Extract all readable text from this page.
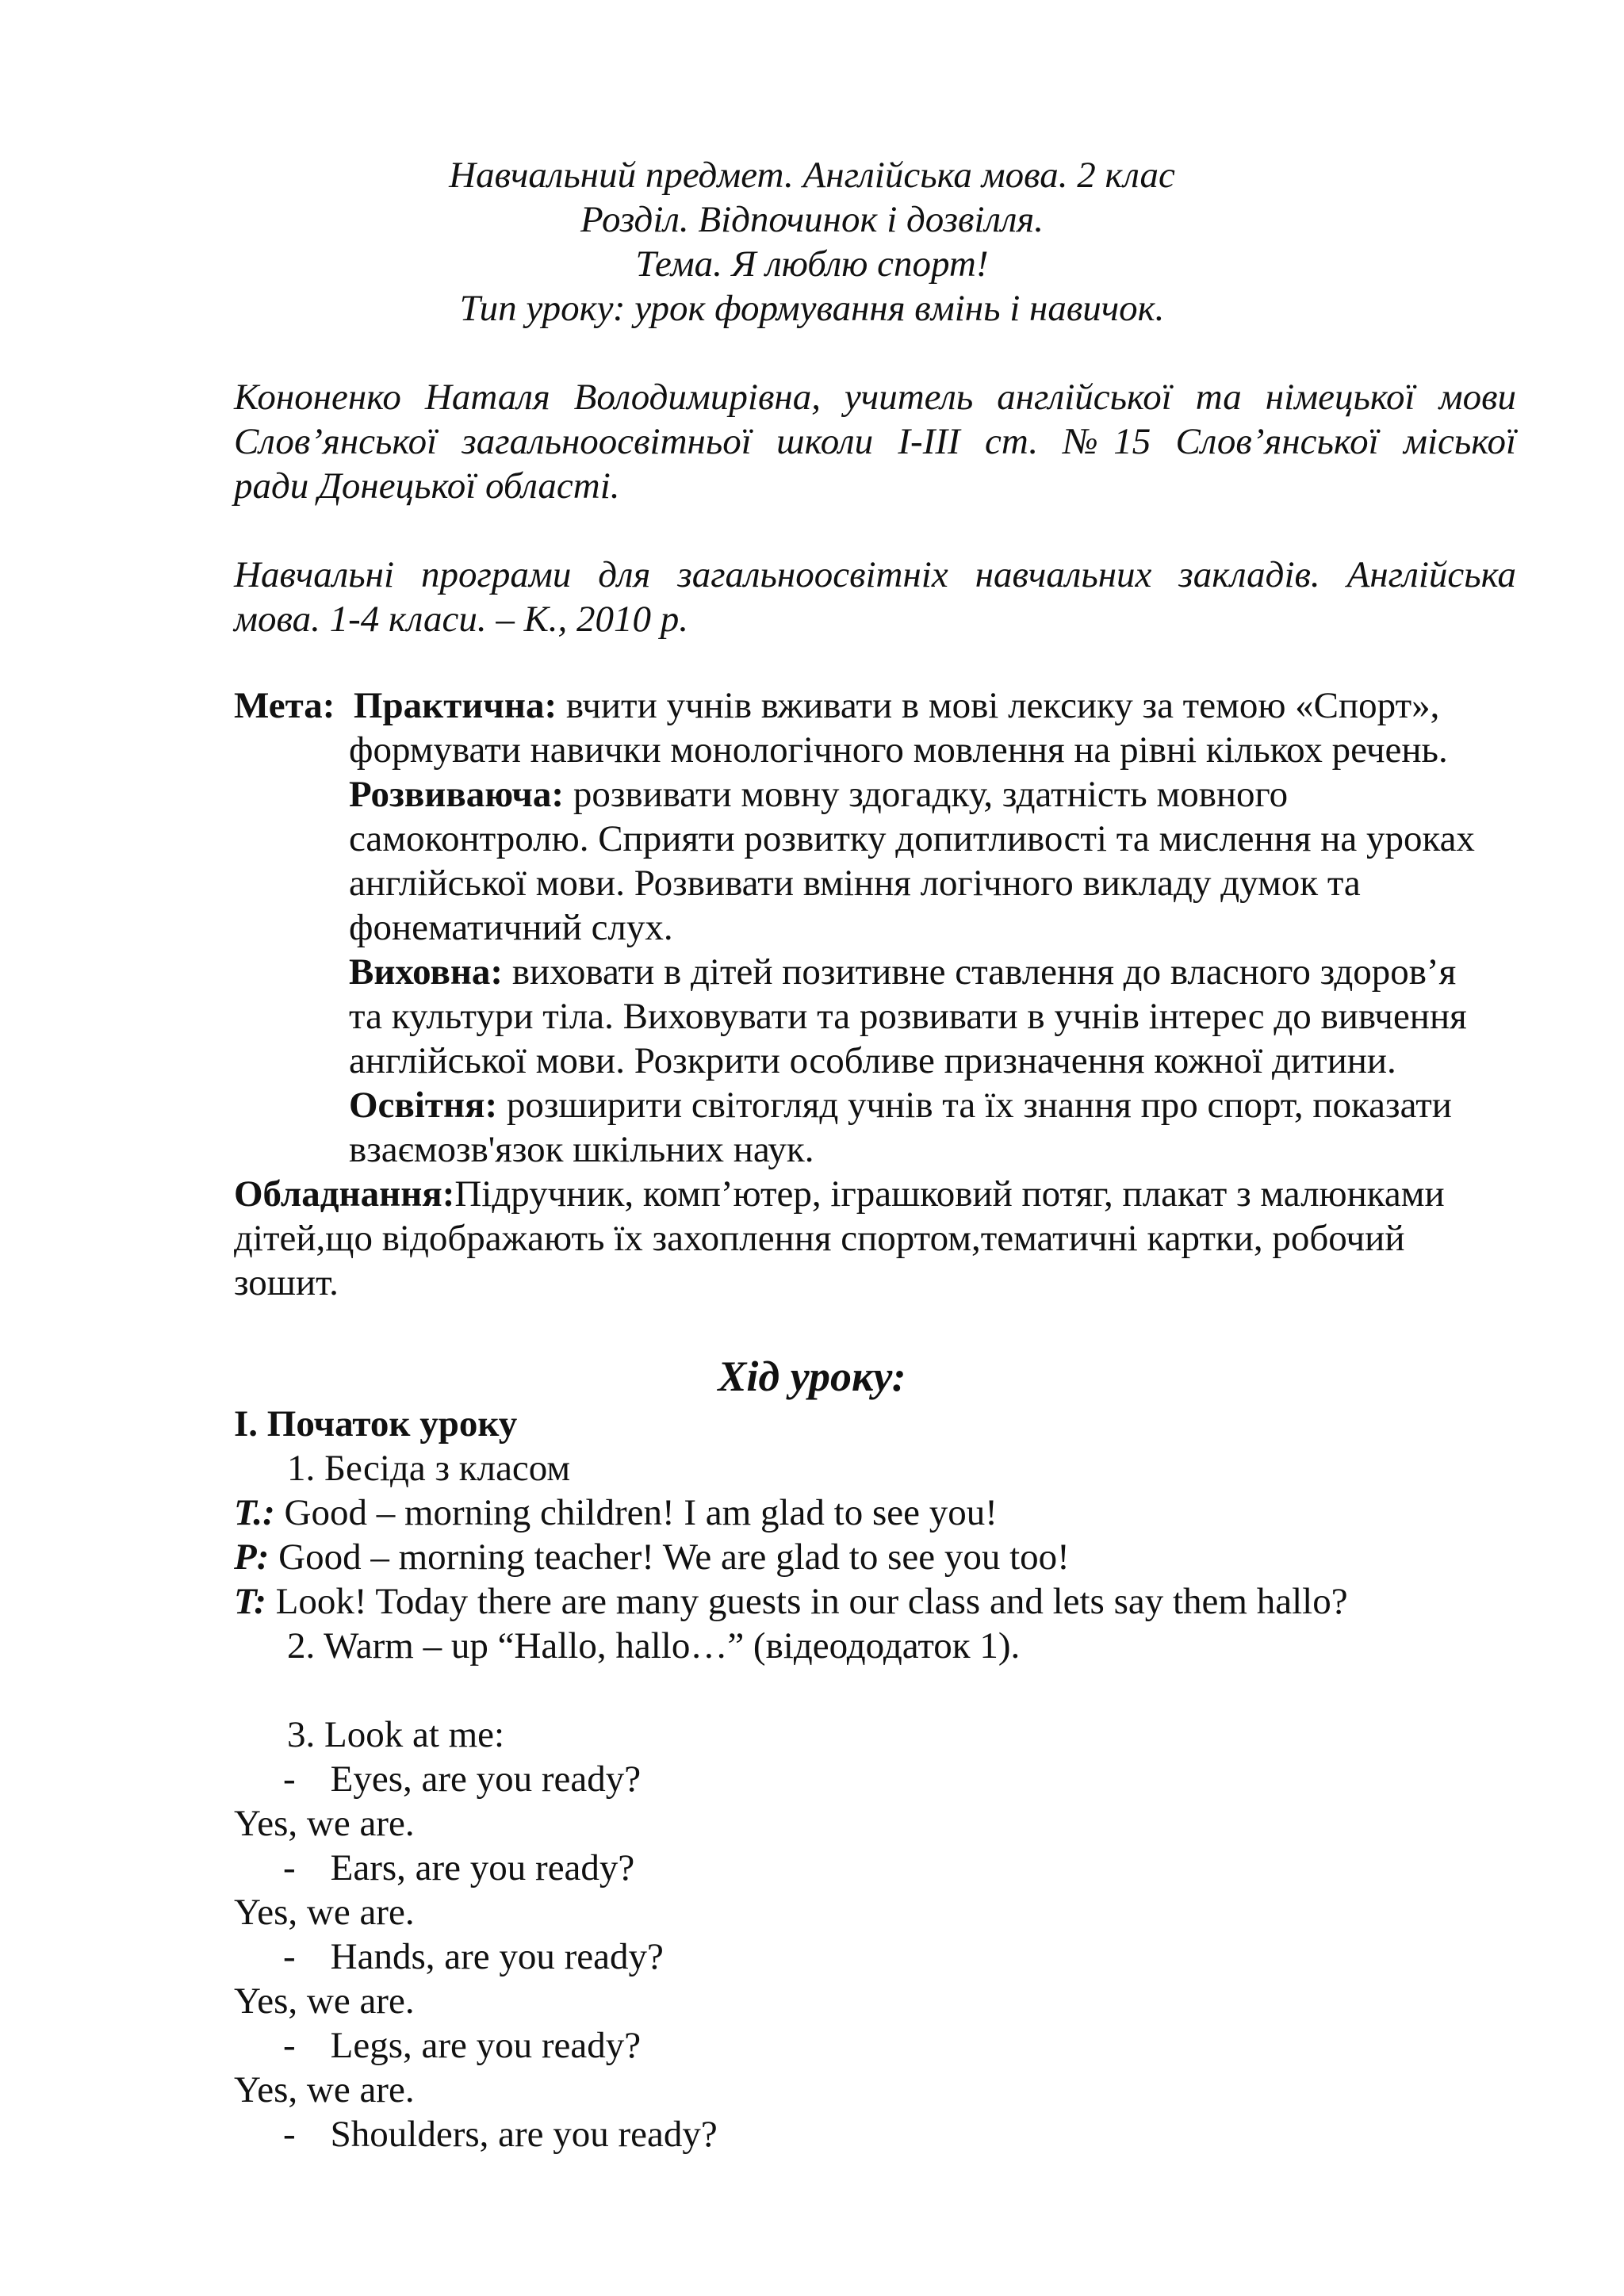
Навчальний предмет. Англійська мова. 2 клас
Розділ. Відпочинок і дозвілля.
Тема. Я люблю спорт!
Тип уроку: урок формування вмінь і навичок.
Кононенко Наталя Володимирівна, учитель англійської та німецької мови
Слов’янської загальноосвітньої школи І-ІІІ ст. №15 Слов’янської міської
ради Донецької області.
Навчальні програми для загальноосвітніх навчальних закладів. Англійська
мова. 1-4 класи. – К., 2010 р.
Мета: Практична: вчити учнів вживати в мові лексику за темою «Спорт»,
формувати навички монологічного мовлення на рівні кількох речень.
Розвиваюча: розвивати мовну здогадку, здатність мовного
самоконтролю. Сприяти розвитку допитливості та мислення на уроках
англійської мови. Розвивати вміння логічного викладу думок та
фонематичний слух.
Виховна: виховати в дітей позитивне ставлення до власного здоров’я
та культури тіла. Виховувати та розвивати в учнів інтерес до вивчення
англійської мови. Розкрити особливе призначення кожної дитини.
Освітня: розширити світогляд учнів та їх знання про спорт, показати
взаємозв'язок шкільних наук.
Обладнання:Підручник, комп’ютер, іграшковий потяг, плакат з малюнками
дітей,що відображають їх захоплення спортом,тематичні картки, робочий
зошит.
Хід уроку:
І. Початок уроку
1. Бесіда з класом
T.: Good – morning children! I am glad to see you!
P: Good – morning teacher! We are glad to see you too!
T: Look! Today there are many guests in our class and lets say them hallo?
2. Warm – up “Hallo, hallo…” (відеододаток 1).
3. Look at me:
- Eyes, are you ready?
Yes, we are.
- Ears, are you ready?
Yes, we are.
- Hands, are you ready?
Yes, we are.
- Legs, are you ready?
Yes, we are.
- Shoulders, are you ready?
